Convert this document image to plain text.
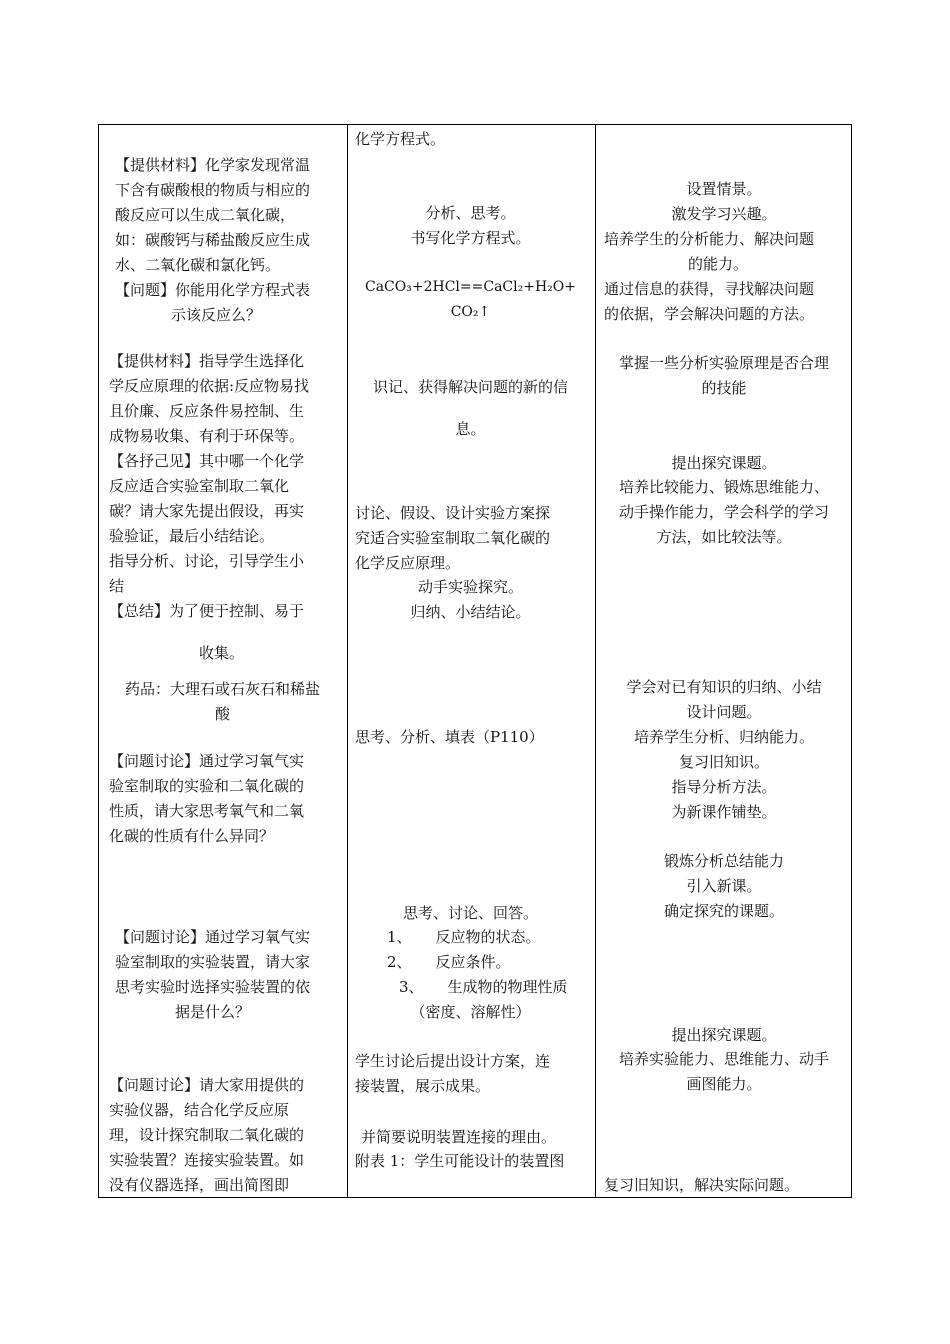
【提供材料】化学家发现常温
下含有碳酸根的物质与相应的
酸反应可以生成二氧化碳，
如：碳酸钙与稀盐酸反应生成
水、二氧化碳和氯化钙。
【问题】你能用化学方程式表
示该反应么？
【提供材料】指导学生选择化
学反应原理的依据:反应物易找
且价廉、反应条件易控制、生
成物易收集、有利于环保等。
【各抒己见】其中哪一个化学
反应适合实验室制取二氧化
碳？请大家先提出假设，再实
验验证，最后小结结论。
指导分析、讨论，引导学生小
结
【总结】为了便于控制、易于
收集。
药品：大理石或石灰石和稀盐
酸
【问题讨论】通过学习氧气实
验室制取的实验和二氧化碳的
性质，请大家思考氧气和二氧
化碳的性质有什么异同？
【问题讨论】通过学习氧气实
验室制取的实验装置，请大家
思考实验时选择实验装置的依
据是什么？
【问题讨论】请大家用提供的
实验仪器，结合化学反应原
理，设计探究制取二氧化碳的
实验装置？连接实验装置。如
没有仪器选择，画出简图即
化学方程式。
分析、思考。
书写化学方程式。
CaCO₃+2HCl==CaCl₂+H₂O+
CO₂↑
识记、获得解决问题的新的信
息。
讨论、假设、设计实验方案探
究适合实验室制取二氧化碳的
化学反应原理。
动手实验探究。
归纳、小结结论。
思考、分析、填表（P110）
思考、讨论、回答。
1、 反应物的状态。
2、 反应条件。
3、 生成物的物理性质
（密度、溶解性）
学生讨论后提出设计方案，连
接装置，展示成果。
并简要说明装置连接的理由。
附表 1：学生可能设计的装置图
设置情景。
激发学习兴趣。
培养学生的分析能力、解决问题
的能力。
通过信息的获得，寻找解决问题
的依据，学会解决问题的方法。
掌握一些分析实验原理是否合理
的技能
提出探究课题。
培养比较能力、锻炼思维能力、
动手操作能力，学会科学的学习
方法，如比较法等。
学会对已有知识的归纳、小结
设计问题。
培养学生分析、归纳能力。
复习旧知识。
指导分析方法。
为新课作铺垫。
锻炼分析总结能力
引入新课。
确定探究的课题。
提出探究课题。
培养实验能力、思维能力、动手
画图能力。
复习旧知识，解决实际问题。
